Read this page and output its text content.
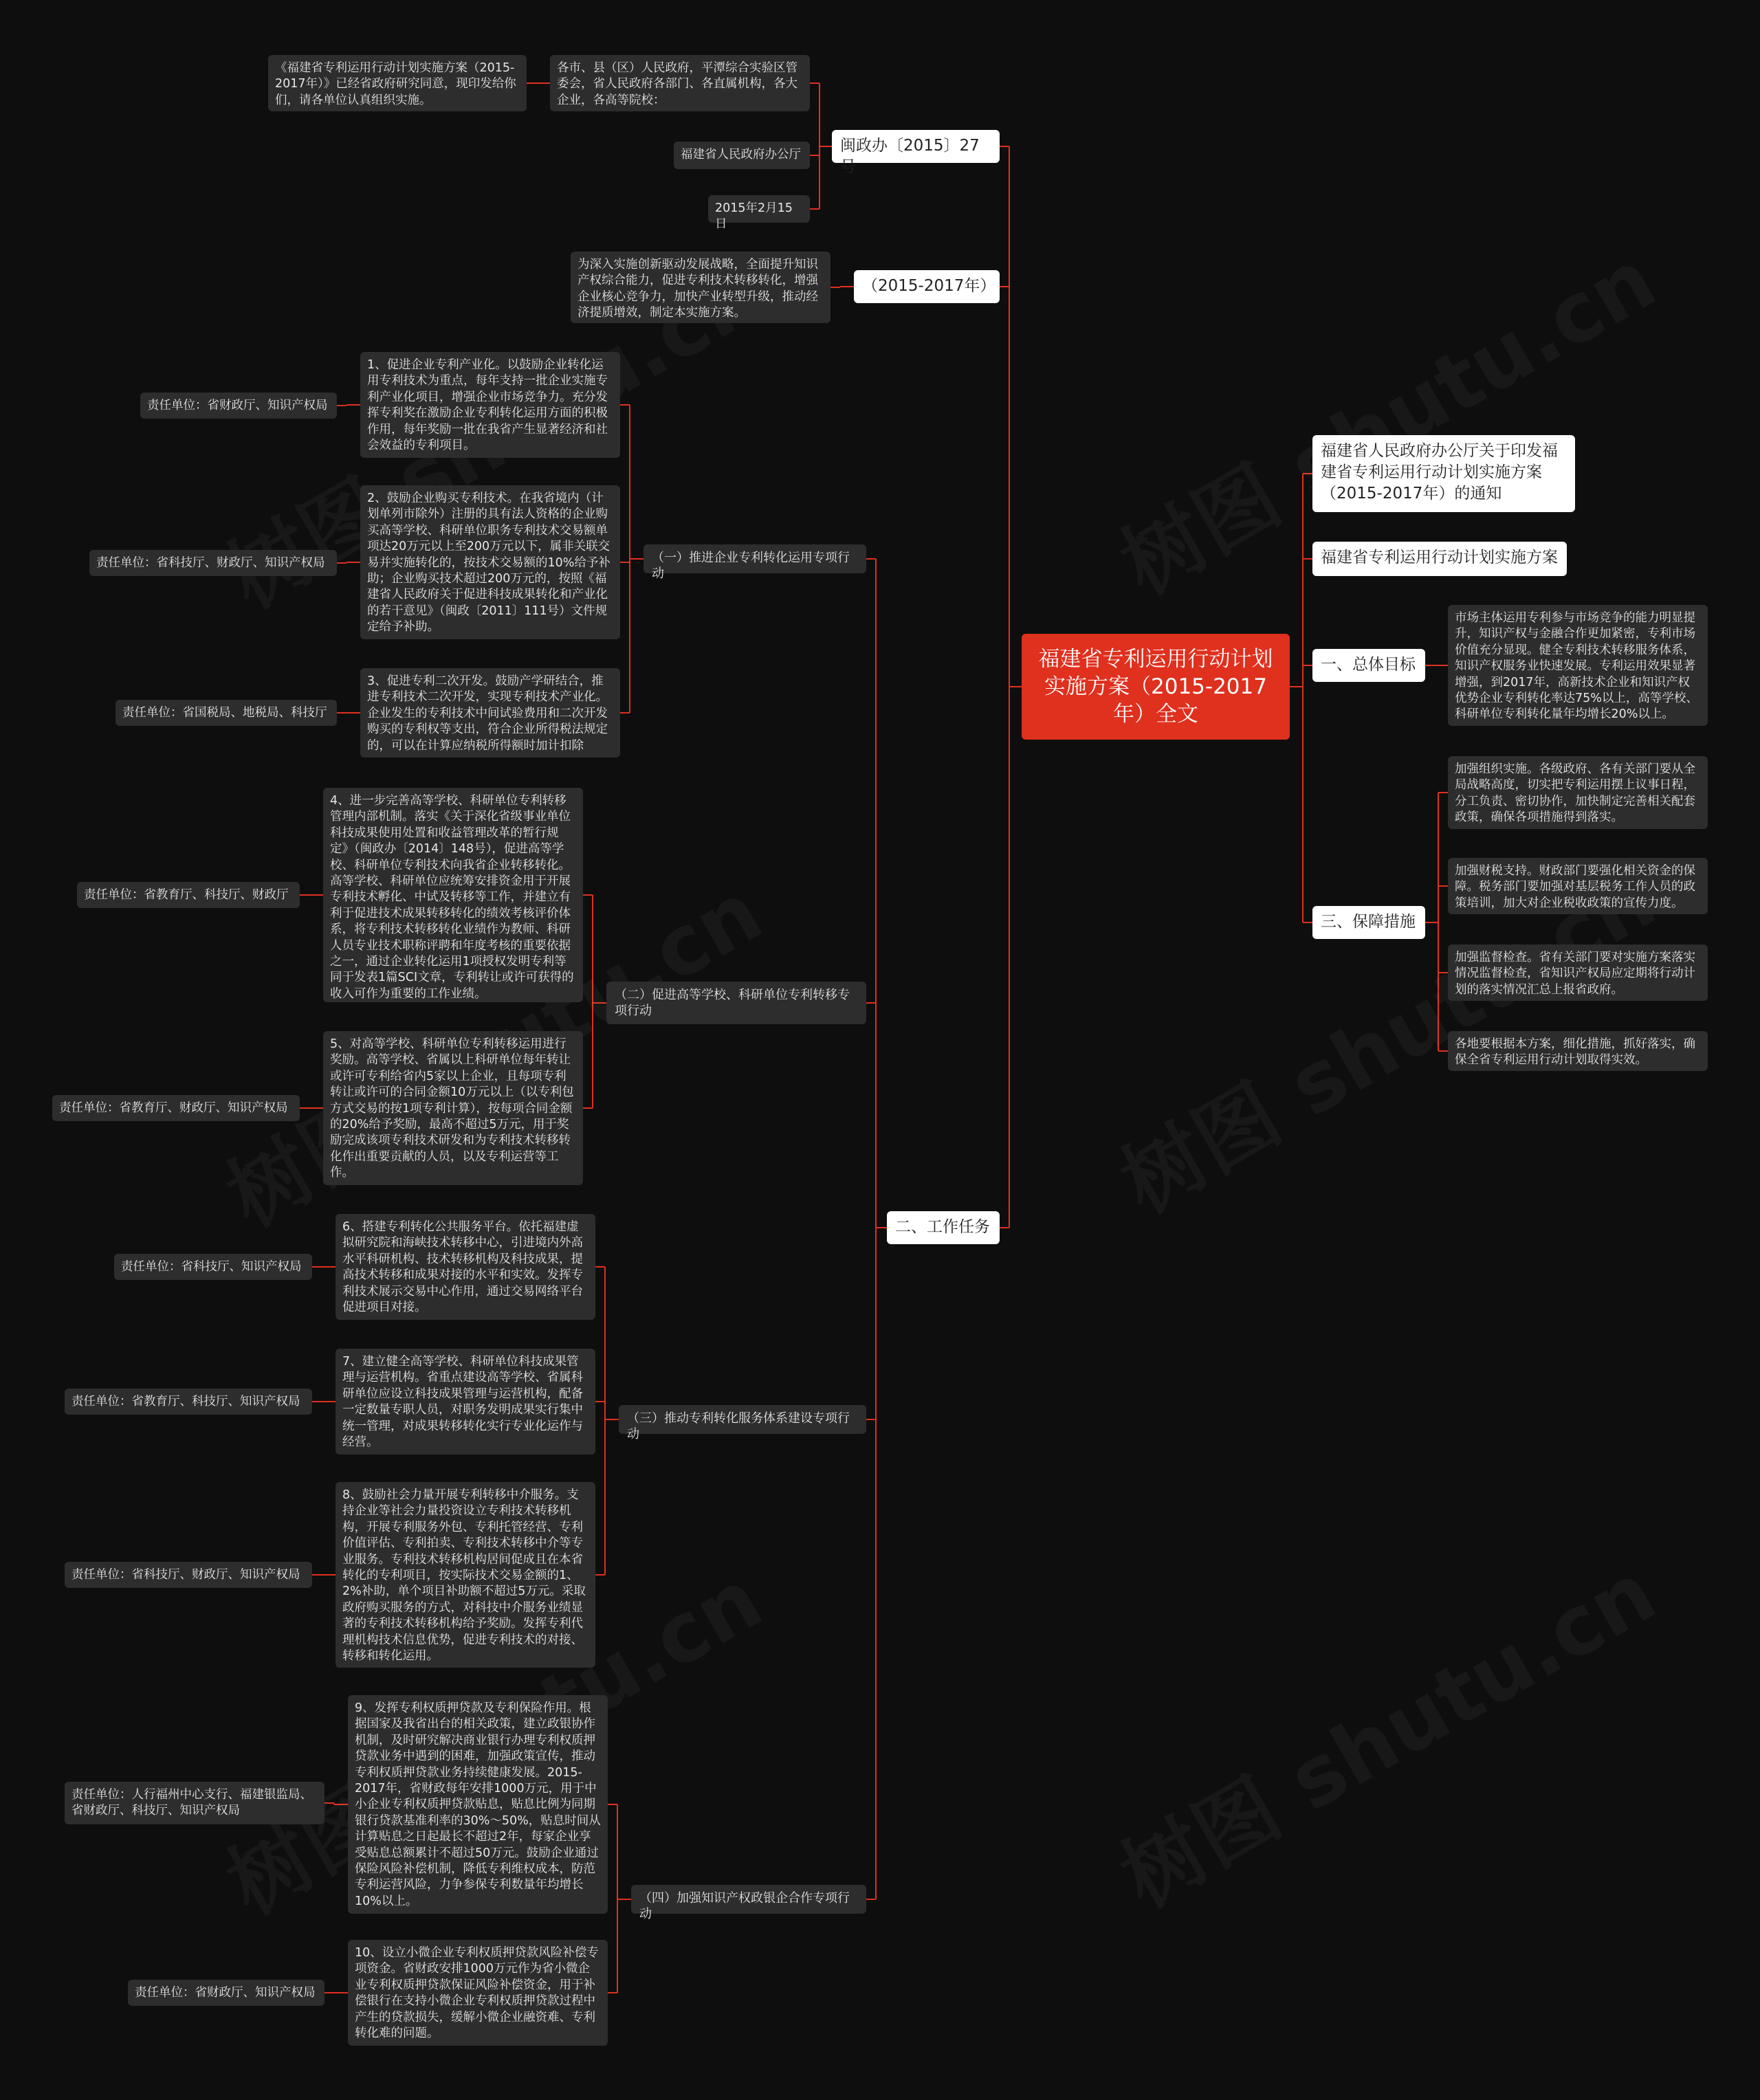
福建省专利运用行动计划实施方案（2015-2017年）全文
福建省人民政府办公厅关于印发福建省专利运用行动计划实施方案（2015-2017年）的通知
福建省专利运用行动计划实施方案
一、总体目标
市场主体运用专利参与市场竞争的能力明显提升，知识产权与金融合作更加紧密，专利市场价值充分显现。健全专利技术转移服务体系，知识产权服务业快速发展。专利运用效果显著增强，到2017年，高新技术企业和知识产权优势企业专利转化率达75%以上，高等学校、科研单位专利转化量年均增长20%以上。
三、保障措施
加强组织实施。各级政府、各有关部门要从全局战略高度，切实把专利运用摆上议事日程，分工负责、密切协作，加快制定完善相关配套政策，确保各项措施得到落实。
加强财税支持。财政部门要强化相关资金的保障。税务部门要加强对基层税务工作人员的政策培训，加大对企业税收政策的宣传力度。
加强监督检查。省有关部门要对实施方案落实情况监督检查，省知识产权局应定期将行动计划的落实情况汇总上报省政府。
各地要根据本方案，细化措施，抓好落实，确保全省专利运用行动计划取得实效。
闽政办〔2015〕27号
各市、县（区）人民政府，平潭综合实验区管委会，省人民政府各部门、各直属机构，各大企业，各高等院校：
《福建省专利运用行动计划实施方案（2015-2017年）》已经省政府研究同意，现印发给你们，请各单位认真组织实施。
福建省人民政府办公厅
2015年2月15日
（2015-2017年）
为深入实施创新驱动发展战略，全面提升知识产权综合能力，促进专利技术转移转化，增强企业核心竞争力，加快产业转型升级，推动经济提质增效，制定本实施方案。
二、工作任务
（一）推进企业专利转化运用专项行动
（二）促进高等学校、科研单位专利转移专项行动
（三）推动专利转化服务体系建设专项行动
（四）加强知识产权政银企合作专项行动
1、促进企业专利产业化。以鼓励企业转化运用专利技术为重点，每年支持一批企业实施专利产业化项目，增强企业市场竞争力。充分发挥专利奖在激励企业专利转化运用方面的积极作用，每年奖励一批在我省产生显著经济和社会效益的专利项目。
责任单位：省财政厅、知识产权局
2、鼓励企业购买专利技术。在我省境内（计划单列市除外）注册的具有法人资格的企业购买高等学校、科研单位职务专利技术交易额单项达20万元以上至200万元以下，属非关联交易并实施转化的，按技术交易额的10%给予补助；企业购买技术超过200万元的，按照《福建省人民政府关于促进科技成果转化和产业化的若干意见》（闽政〔2011〕111号）文件规定给予补助。
责任单位：省科技厅、财政厅、知识产权局
3、促进专利二次开发。鼓励产学研结合，推进专利技术二次开发，实现专利技术产业化。企业发生的专利技术中间试验费用和二次开发购买的专利权等支出，符合企业所得税法规定的，可以在计算应纳税所得额时加计扣除
责任单位：省国税局、地税局、科技厅
4、进一步完善高等学校、科研单位专利转移管理内部机制。落实《关于深化省级事业单位科技成果使用处置和收益管理改革的暂行规定》（闽政办〔2014〕148号），促进高等学校、科研单位专利技术向我省企业转移转化。高等学校、科研单位应统筹安排资金用于开展专利技术孵化、中试及转移等工作，并建立有利于促进技术成果转移转化的绩效考核评价体系，将专利技术转移转化业绩作为教师、科研人员专业技术职称评聘和年度考核的重要依据之一，通过企业转化运用1项授权发明专利等同于发表1篇SCI文章，专利转让或许可获得的收入可作为重要的工作业绩。
责任单位：省教育厅、科技厅、财政厅
5、对高等学校、科研单位专利转移运用进行奖励。高等学校、省属以上科研单位每年转让或许可专利给省内5家以上企业，且每项专利转让或许可的合同金额10万元以上（以专利包方式交易的按1项专利计算），按每项合同金额的20%给予奖励，最高不超过5万元，用于奖励完成该项专利技术研发和为专利技术转移转化作出重要贡献的人员，以及专利运营等工作。
责任单位：省教育厅、财政厅、知识产权局
6、搭建专利转化公共服务平台。依托福建虚拟研究院和海峡技术转移中心，引进境内外高水平科研机构、技术转移机构及科技成果，提高技术转移和成果对接的水平和实效。发挥专利技术展示交易中心作用，通过交易网络平台促进项目对接。
责任单位：省科技厅、知识产权局
7、建立健全高等学校、科研单位科技成果管理与运营机构。省重点建设高等学校、省属科研单位应设立科技成果管理与运营机构，配备一定数量专职人员，对职务发明成果实行集中统一管理，对成果转移转化实行专业化运作与经营。
责任单位：省教育厅、科技厅、知识产权局
8、鼓励社会力量开展专利转移中介服务。支持企业等社会力量投资设立专利技术转移机构，开展专利服务外包、专利托管经营、专利价值评估、专利拍卖、专利技术转移中介等专业服务。专利技术转移机构居间促成且在本省转化的专利项目，按实际技术交易金额的1、2%补助，单个项目补助额不超过5万元。采取政府购买服务的方式，对科技中介服务业绩显著的专利技术转移机构给予奖励。发挥专利代理机构技术信息优势，促进专利技术的对接、转移和转化运用。
责任单位：省科技厅、财政厅、知识产权局
9、发挥专利权质押贷款及专利保险作用。根据国家及我省出台的相关政策，建立政银协作机制，及时研究解决商业银行办理专利权质押贷款业务中遇到的困难，加强政策宣传，推动专利权质押贷款业务持续健康发展。2015-2017年，省财政每年安排1000万元，用于中小企业专利权质押贷款贴息，贴息比例为同期银行贷款基准利率的30%～50%，贴息时间从计算贴息之日起最长不超过2年，每家企业享受贴息总额累计不超过50万元。鼓励企业通过保险风险补偿机制，降低专利维权成本，防范专利运营风险，力争参保专利数量年均增长10%以上。
责任单位：人行福州中心支行、福建银监局、省财政厅、科技厅、知识产权局
10、设立小微企业专利权质押贷款风险补偿专项资金。省财政安排1000万元作为省小微企业专利权质押贷款保证风险补偿资金，用于补偿银行在支持小微企业专利权质押贷款过程中产生的贷款损失，缓解小微企业融资难、专利转化难的问题。
责任单位：省财政厅、知识产权局
